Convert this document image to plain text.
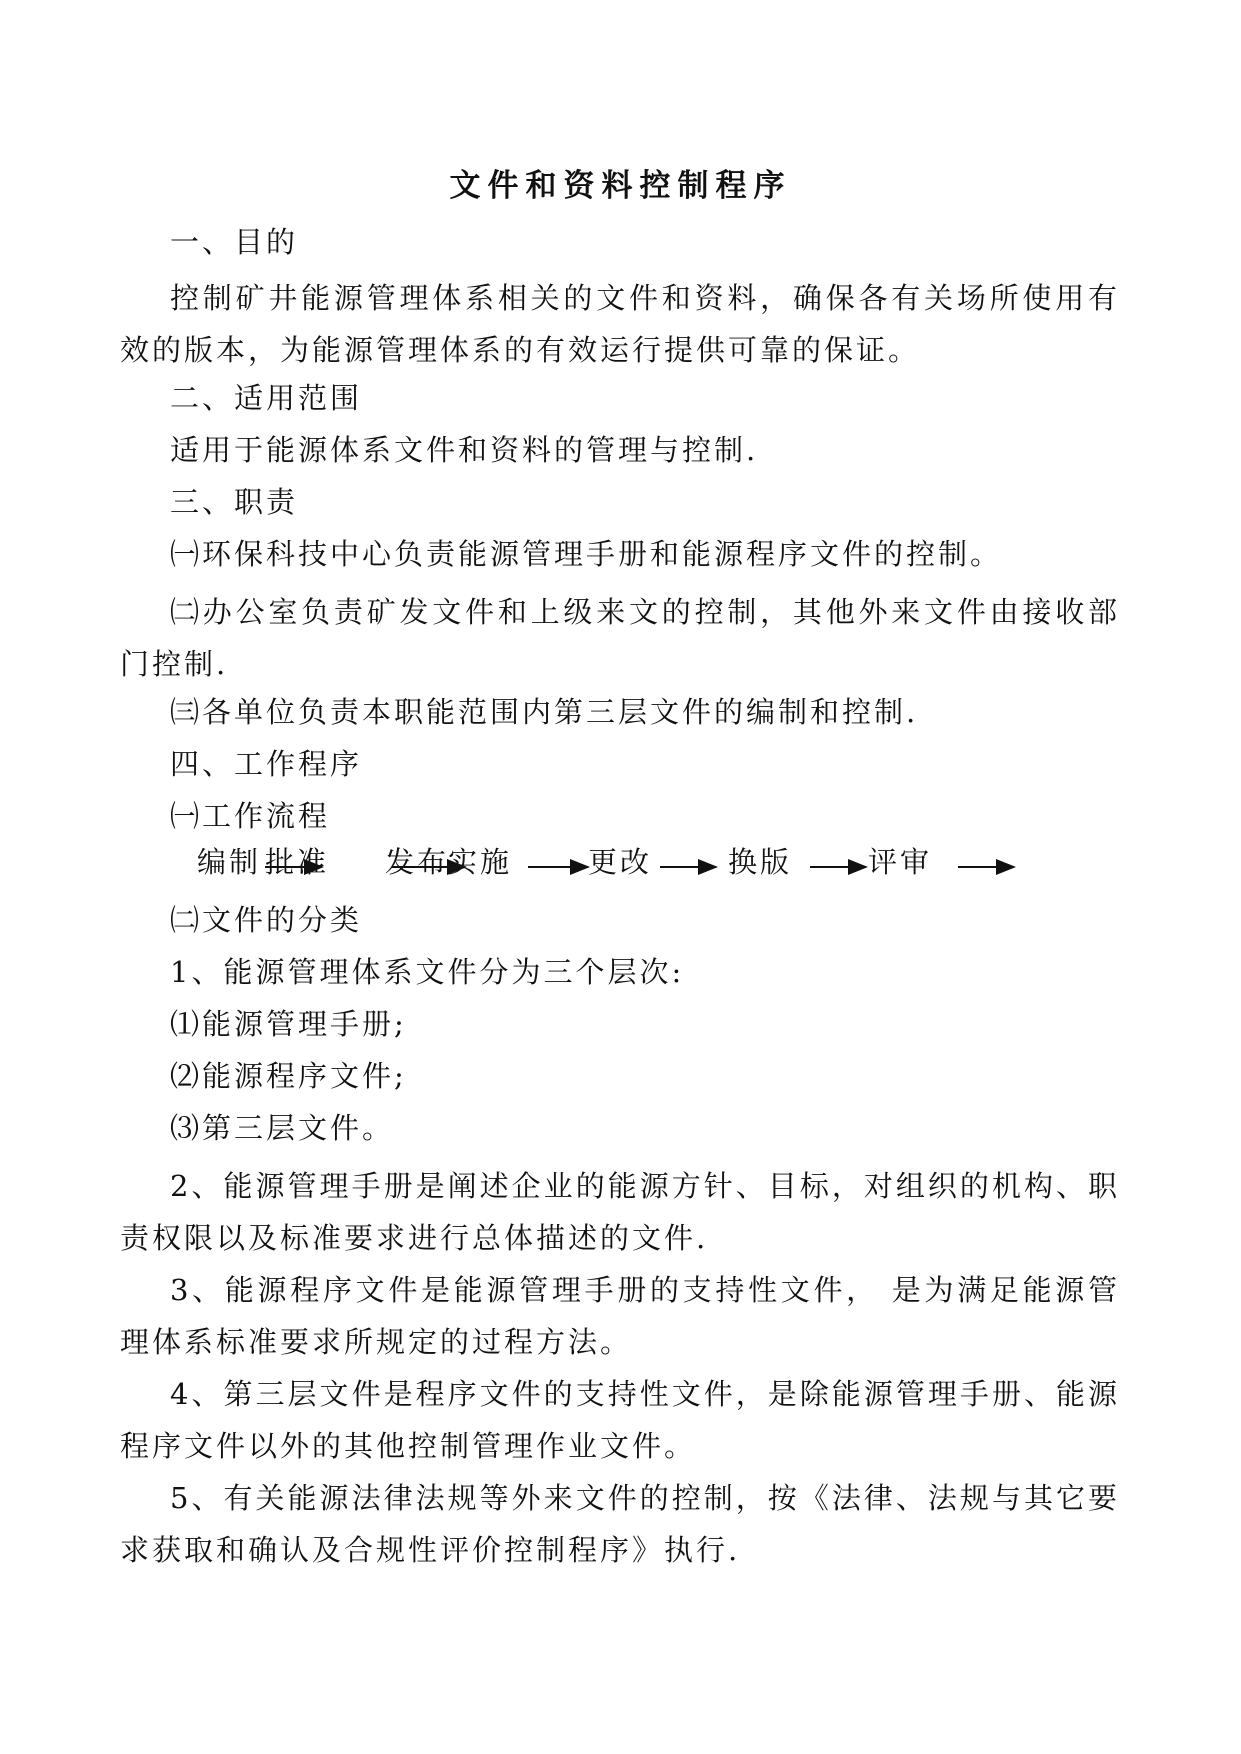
文件和资料控制程序
一、目的
控制矿井能源管理体系相关的文件和资料，确保各有关场所使用有效的版本，为能源管理体系的有效运行提供可靠的保证。
二、适用范围
适用于能源体系文件和资料的管理与控制.
三、职责
㈠环保科技中心负责能源管理手册和能源程序文件的控制。
㈡办公室负责矿发文件和上级来文的控制，其他外来文件由接收部门控制.
㈢各单位负责本职能范围内第三层文件的编制和控制.
四、工作程序
㈠工作流程
编制 批准 发布
实施	更改	换版	评审
㈡文件的分类
1、能源管理体系文件分为三个层次:
⑴能源管理手册;
⑵能源程序文件;
⑶第三层文件。
2、能源管理手册是阐述企业的能源方针、目标，对组织的机构、职责权限以及标准要求进行总体描述的文件.
3、能源程序文件是能源管理手册的支持性文件， 是为满足能源管理体系标准要求所规定的过程方法。
4、第三层文件是程序文件的支持性文件，是除能源管理手册、能源程序文件以外的其他控制管理作业文件。
5、有关能源法律法规等外来文件的控制，按《法律、法规与其它要求获取和确认及合规性评价控制程序》执行.
